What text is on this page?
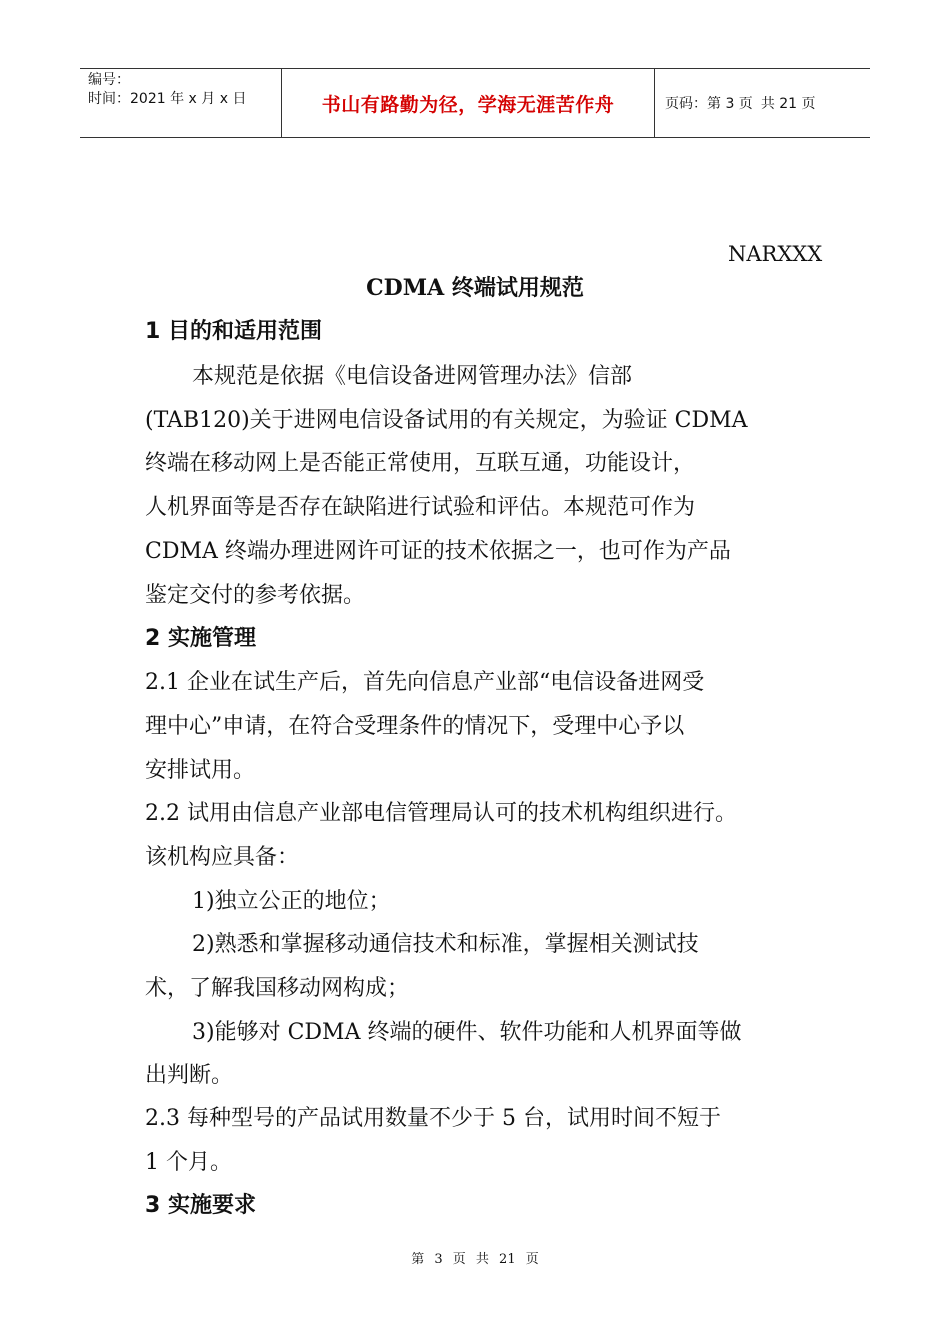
编号：
时间：2021 年 x 月 x 日	书山有路勤为径，学海无涯苦作舟	页码：第 3 页 共 21 页
NARXXX
CDMA 终端试用规范
1 目的和适用范围
本规范是依据《电信设备进网管理办法》信部
(TAB120)关于进网电信设备试用的有关规定，为验证 CDMA
终端在移动网上是否能正常使用，互联互通，功能设计，
人机界面等是否存在缺陷进行试验和评估。本规范可作为
CDMA 终端办理进网许可证的技术依据之一，也可作为产品
鉴定交付的参考依据。
2 实施管理
2.1 企业在试生产后，首先向信息产业部“电信设备进网受
理中心”申请，在符合受理条件的情况下，受理中心予以
安排试用。
2.2 试用由信息产业部电信管理局认可的技术机构组织进行。
该机构应具备：
1)独立公正的地位；
2)熟悉和掌握移动通信技术和标准，掌握相关测试技
术，了解我国移动网构成；
3)能够对 CDMA 终端的硬件、软件功能和人机界面等做
出判断。
2.3 每种型号的产品试用数量不少于 5 台，试用时间不短于
1 个月。
3 实施要求
第 3 页 共 21 页
